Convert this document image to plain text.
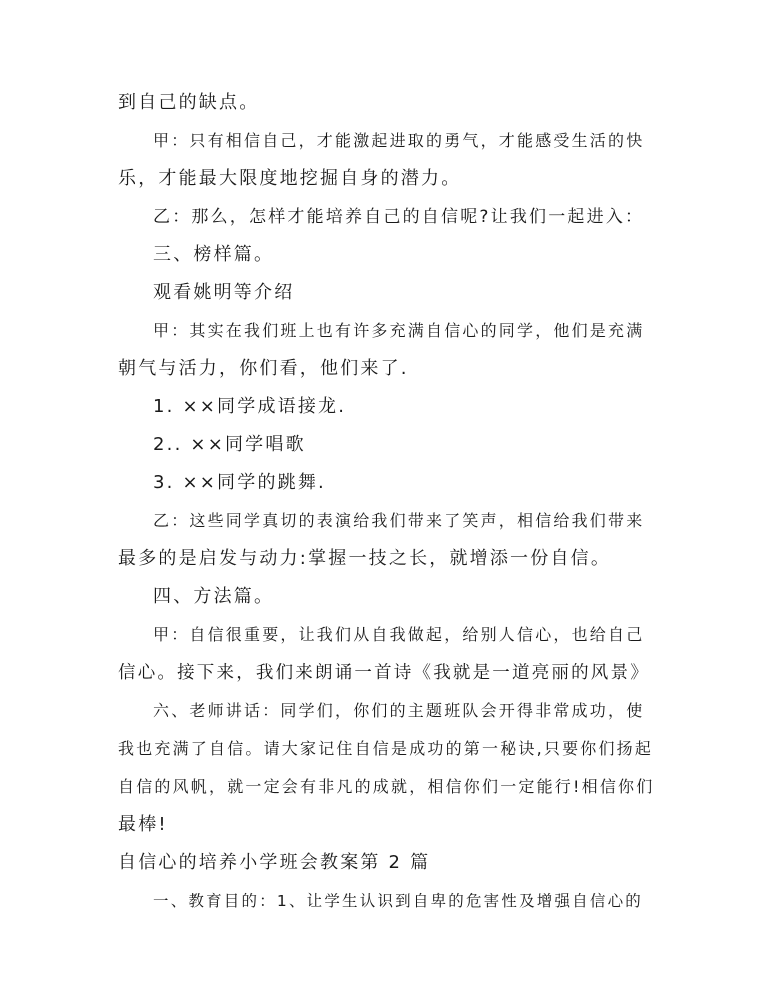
到自己的缺点。
甲：只有相信自己，才能激起进取的勇气，才能感受生活的快
乐，才能最大限度地挖掘自身的潜力。
乙：那么，怎样才能培养自己的自信呢?让我们一起进入：
三、榜样篇。
观看姚明等介绍
甲：其实在我们班上也有许多充满自信心的同学，他们是充满
朝气与活力，你们看，他们来了.
1. ××同学成语接龙.
2.. ××同学唱歌
3. ××同学的跳舞.
乙：这些同学真切的表演给我们带来了笑声，相信给我们带来
最多的是启发与动力:掌握一技之长，就增添一份自信。
四、方法篇。
甲：自信很重要，让我们从自我做起，给别人信心，也给自己
信心。接下来，我们来朗诵一首诗《我就是一道亮丽的风景》
六、老师讲话：同学们，你们的主题班队会开得非常成功，使
我也充满了自信。请大家记住自信是成功的第一秘诀,只要你们扬起
自信的风帆，就一定会有非凡的成就，相信你们一定能行!相信你们
最棒!
自信心的培养小学班会教案第 2 篇
一、教育目的：1、让学生认识到自卑的危害性及增强自信心的
